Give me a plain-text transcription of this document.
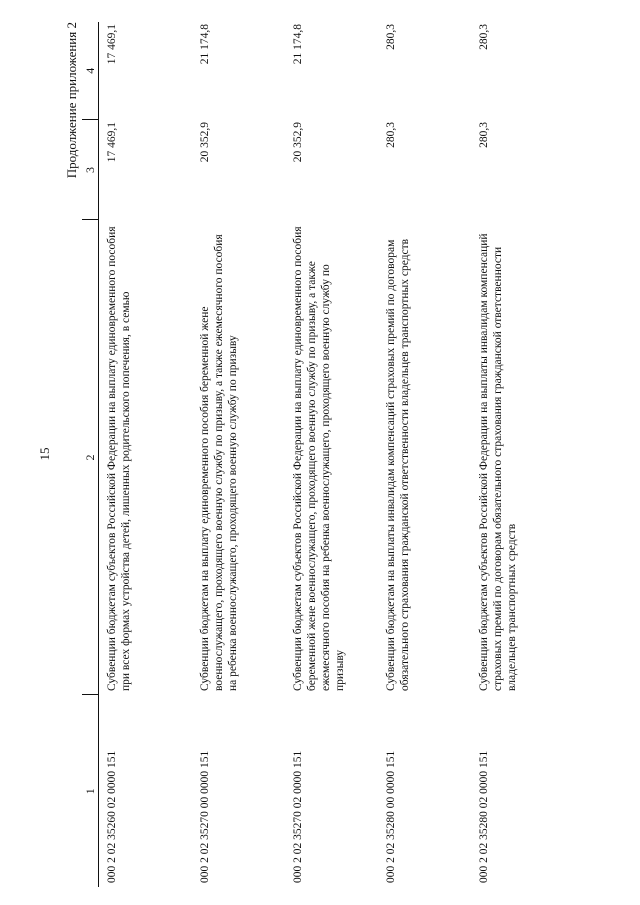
15
Продолжение приложения 2
1	2	3	4
000 2 02 35260 02 0000 151	Субвенции бюджетам субъектов Российской Федерации на выплату единовременного пособия при всех формах устройства детей, лишенных родительского попечения, в семью	17 469,1	17 469,1
000 2 02 35270 00 0000 151	Субвенции бюджетам на выплату единовременного пособия беременной жене военнослужащего, проходящего военную службу по призыву, а также ежемесячного пособия на ребенка военнослужащего, проходящего военную службу по призыву	20 352,9	21 174,8
000 2 02 35270 02 0000 151	Субвенции бюджетам субъектов Российской Федерации на выплату единовременного пособия беременной жене военнослужащего, проходящего военную службу по призыву, а также ежемесячного пособия на ребенка военнослужащего, проходящего военную службу по призыву	20 352,9	21 174,8
000 2 02 35280 00 0000 151	Субвенции бюджетам на выплаты инвалидам компенсаций страховых премий по договорам обязательного страхования гражданской ответственности владельцев транспортных средств	280,3	280,3
000 2 02 35280 02 0000 151	Субвенции бюджетам субъектов Российской Федерации на выплаты инвалидам компенсаций страховых премий по договорам обязательного страхования гражданской ответственности владельцев транспортных средств	280,3	280,3
